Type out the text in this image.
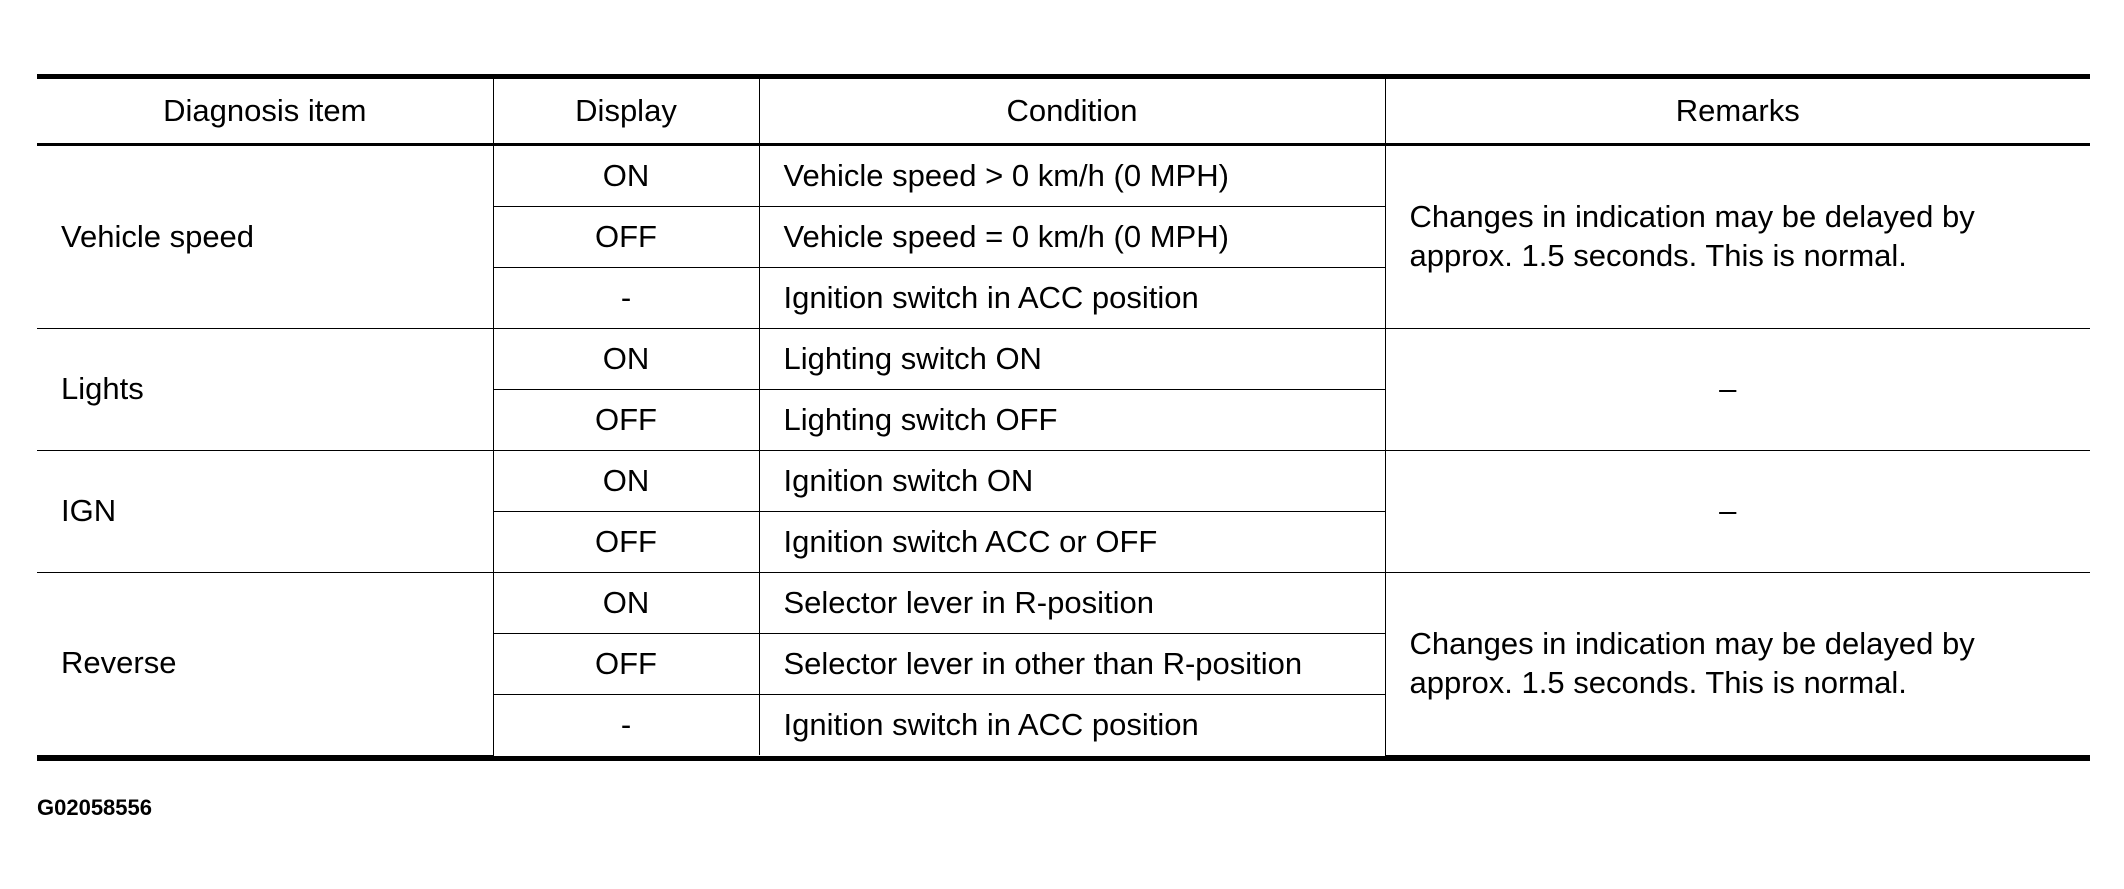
Diagnosis item	Display	Condition	Remarks
Vehicle speed	ON	Vehicle speed > 0 km/h (0 MPH)	Changes in indication may be delayed by approx. 1.5 seconds. This is normal.
	OFF	Vehicle speed = 0 km/h (0 MPH)	
	-	Ignition switch in ACC position	
Lights	ON	Lighting switch ON	–
	OFF	Lighting switch OFF	
IGN	ON	Ignition switch ON	–
	OFF	Ignition switch ACC or OFF	
Reverse	ON	Selector lever in R-position	Changes in indication may be delayed by approx. 1.5 seconds. This is normal.
	OFF	Selector lever in other than R-position	
	-	Ignition switch in ACC position	
G02058556
